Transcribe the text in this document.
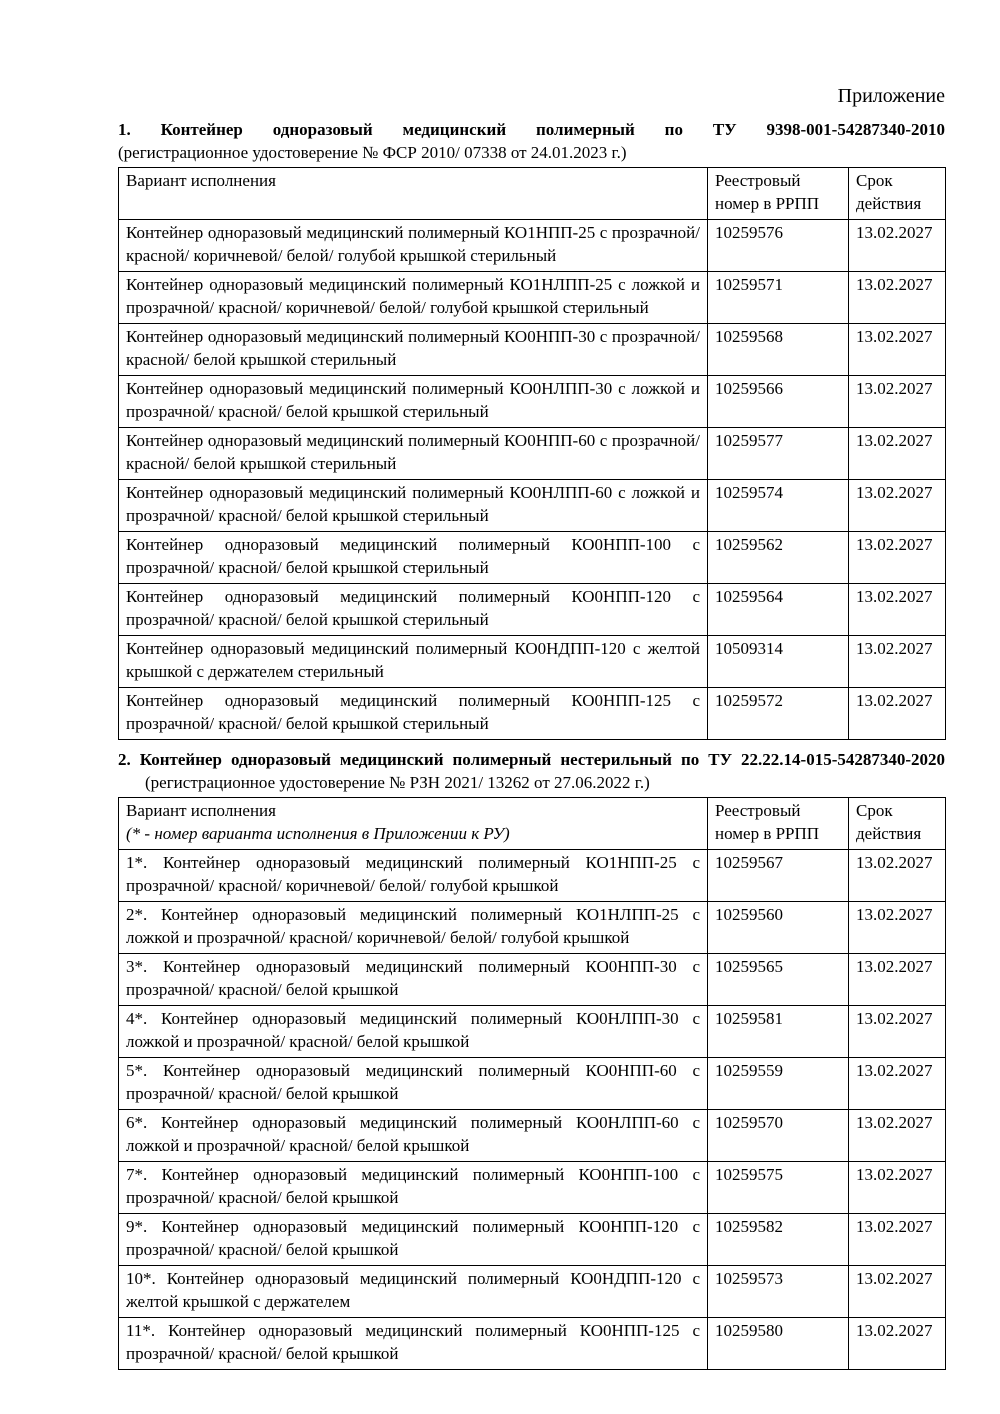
Приложение
1. Контейнер одноразовый медицинский полимерный по ТУ 9398-001-54287340-2010 (регистрационное удостоверение № ФСР 2010/ 07338 от 24.01.2023 г.)
Вариант исполнения	Реестровый номер в РРПП	Срок действия
Контейнер одноразовый медицинский полимерный КО1НПП-25 с прозрачной/ красной/ коричневой/ белой/ голубой крышкой стерильный	10259576	13.02.2027
Контейнер одноразовый медицинский полимерный КО1НЛПП-25 с ложкой и прозрачной/ красной/ коричневой/ белой/ голубой крышкой стерильный	10259571	13.02.2027
Контейнер одноразовый медицинский полимерный КО0НПП-30 с прозрачной/ красной/ белой крышкой стерильный	10259568	13.02.2027
Контейнер одноразовый медицинский полимерный КО0НЛПП-30 с ложкой и прозрачной/ красной/ белой крышкой стерильный	10259566	13.02.2027
Контейнер одноразовый медицинский полимерный КО0НПП-60 с прозрачной/ красной/ белой крышкой стерильный	10259577	13.02.2027
Контейнер одноразовый медицинский полимерный КО0НЛПП-60 с ложкой и прозрачной/ красной/ белой крышкой стерильный	10259574	13.02.2027
Контейнер одноразовый медицинский полимерный КО0НПП-100 с прозрачной/ красной/ белой крышкой стерильный	10259562	13.02.2027
Контейнер одноразовый медицинский полимерный КО0НПП-120 с прозрачной/ красной/ белой крышкой стерильный	10259564	13.02.2027
Контейнер одноразовый медицинский полимерный КО0НДПП-120 с желтой крышкой с держателем стерильный	10509314	13.02.2027
Контейнер одноразовый медицинский полимерный КО0НПП-125 с прозрачной/ красной/ белой крышкой стерильный	10259572	13.02.2027
2. Контейнер одноразовый медицинский полимерный нестерильный по ТУ 22.22.14-015-54287340-2020 (регистрационное удостоверение № РЗН 2021/ 13262 от 27.06.2022 г.)
Вариант исполнения
(* - номер варианта исполнения в Приложении к РУ)	Реестровый номер в РРПП	Срок действия
1*. Контейнер одноразовый медицинский полимерный КО1НПП-25 с прозрачной/ красной/ коричневой/ белой/ голубой крышкой	10259567	13.02.2027
2*. Контейнер одноразовый медицинский полимерный КО1НЛПП-25 с ложкой и прозрачной/ красной/ коричневой/ белой/ голубой крышкой	10259560	13.02.2027
3*. Контейнер одноразовый медицинский полимерный КО0НПП-30 с прозрачной/ красной/ белой крышкой	10259565	13.02.2027
4*. Контейнер одноразовый медицинский полимерный КО0НЛПП-30 с ложкой и прозрачной/ красной/ белой крышкой	10259581	13.02.2027
5*. Контейнер одноразовый медицинский полимерный КО0НПП-60 с прозрачной/ красной/ белой крышкой	10259559	13.02.2027
6*. Контейнер одноразовый медицинский полимерный КО0НЛПП-60 с ложкой и прозрачной/ красной/ белой крышкой	10259570	13.02.2027
7*. Контейнер одноразовый медицинский полимерный КО0НПП-100 с прозрачной/ красной/ белой крышкой	10259575	13.02.2027
9*. Контейнер одноразовый медицинский полимерный КО0НПП-120 с прозрачной/ красной/ белой крышкой	10259582	13.02.2027
10*. Контейнер одноразовый медицинский полимерный КО0НДПП-120 с желтой крышкой с держателем	10259573	13.02.2027
11*. Контейнер одноразовый медицинский полимерный КО0НПП-125 с прозрачной/ красной/ белой крышкой	10259580	13.02.2027
